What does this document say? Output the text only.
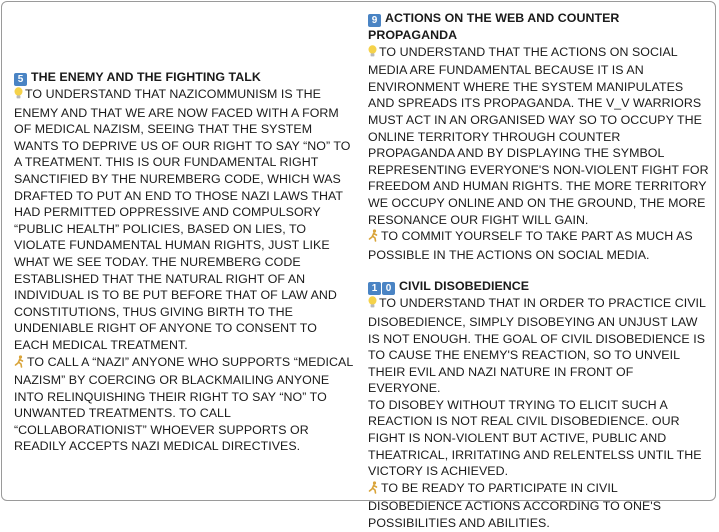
5 THE ENEMY AND THE FIGHTING TALK

TO UNDERSTAND THAT NAZICOMMUNISM IS THE ENEMY AND THAT WE ARE NOW FACED WITH A FORM OF MEDICAL NAZISM, SEEING THAT THE SYSTEM WANTS TO DEPRIVE US OF OUR RIGHT TO SAY “NO” TO A TREATMENT. THIS IS OUR FUNDAMENTAL RIGHT SANCTIFIED BY THE NUREMBERG CODE, WHICH WAS DRAFTED TO PUT AN END TO THOSE NAZI LAWS THAT HAD PERMITTED OPPRESSIVE AND COMPULSORY “PUBLIC HEALTH” POLICIES, BASED ON LIES, TO VIOLATE FUNDAMENTAL HUMAN RIGHTS, JUST LIKE WHAT WE SEE TODAY. THE NUREMBERG CODE ESTABLISHED THAT THE NATURAL RIGHT OF AN INDIVIDUAL IS TO BE PUT BEFORE THAT OF LAW AND CONSTITUTIONS, THUS GIVING BIRTH TO THE UNDENIABLE RIGHT OF ANYONE TO CONSENT TO EACH MEDICAL TREATMENT.

TO CALL A “NAZI” ANYONE WHO SUPPORTS “MEDICAL NAZISM” BY COERCING OR BLACKMAILING ANYONE INTO RELINQUISHING THEIR RIGHT TO SAY “NO” TO UNWANTED TREATMENTS. TO CALL “COLLABORATIONIST” WHOEVER SUPPORTS OR READILY ACCEPTS NAZI MEDICAL DIRECTIVES.

9 ACTIONS ON THE WEB AND COUNTER PROPAGANDA

TO UNDERSTAND THAT THE ACTIONS ON SOCIAL MEDIA ARE FUNDAMENTAL BECAUSE IT IS AN ENVIRONMENT WHERE THE SYSTEM MANIPULATES AND SPREADS ITS PROPAGANDA. THE V_V WARRIORS MUST ACT IN AN ORGANISED WAY SO TO OCCUPY THE ONLINE TERRITORY THROUGH COUNTER PROPAGANDA AND BY DISPLAYING THE SYMBOL REPRESENTING EVERYONE'S NON-VIOLENT FIGHT FOR FREEDOM AND HUMAN RIGHTS. THE MORE TERRITORY WE OCCUPY ONLINE AND ON THE GROUND, THE MORE RESONANCE OUR FIGHT WILL GAIN.

TO COMMIT YOURSELF TO TAKE PART AS MUCH AS POSSIBLE IN THE ACTIONS ON SOCIAL MEDIA.

1 0 CIVIL DISOBEDIENCE

TO UNDERSTAND THAT IN ORDER TO PRACTICE CIVIL DISOBEDIENCE, SIMPLY DISOBEYING AN UNJUST LAW IS NOT ENOUGH. THE GOAL OF CIVIL DISOBEDIENCE IS TO CAUSE THE ENEMY'S REACTION, SO TO UNVEIL THEIR EVIL AND NAZI NATURE IN FRONT OF EVERYONE.

TO DISOBEY WITHOUT TRYING TO ELICIT SUCH A REACTION IS NOT REAL CIVIL DISOBEDIENCE. OUR FIGHT IS NON-VIOLENT BUT ACTIVE, PUBLIC AND THEATRICAL, IRRITATING AND RELENTELSS UNTIL THE VICTORY IS ACHIEVED.

TO BE READY TO PARTICIPATE IN CIVIL DISOBEDIENCE ACTIONS ACCORDING TO ONE'S POSSIBILITIES AND ABILITIES.
